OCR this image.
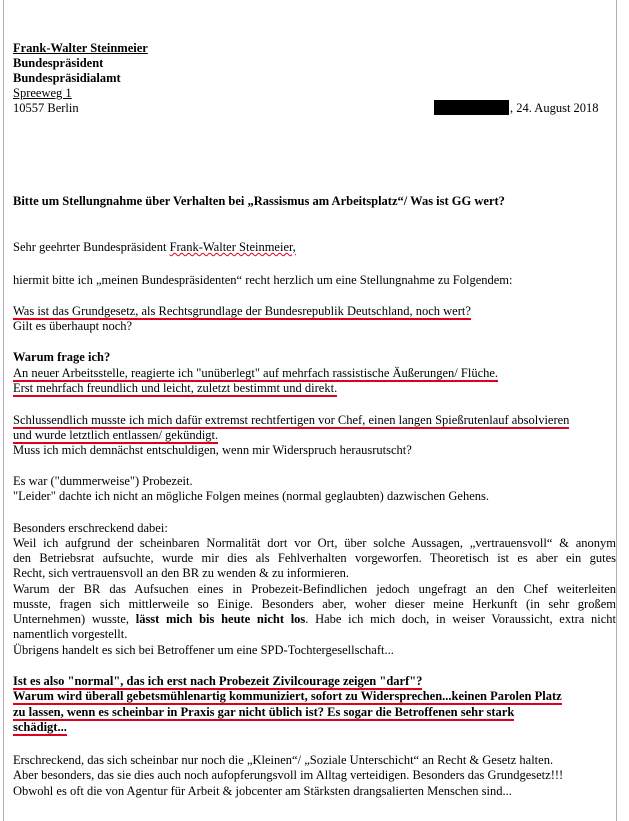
Frank-Walter Steinmeier
Bundespräsident
Bundespräsidialamt
Spreeweg 1
10557 Berlin	, 24. August 2018
Bitte um Stellungnahme über Verhalten bei „Rassismus am Arbeitsplatz“/ Was ist GG wert?
Sehr geehrter Bundespräsident Frank-Walter Steinmeier,
hiermit bitte ich „meinen Bundespräsidenten“ recht herzlich um eine Stellungnahme zu Folgendem:
Was ist das Grundgesetz, als Rechtsgrundlage der Bundesrepublik Deutschland, noch wert?
Gilt es überhaupt noch?
Warum frage ich?
An neuer Arbeitsstelle, reagierte ich "unüberlegt" auf mehrfach rassistische Äußerungen/ Flüche.
Erst mehrfach freundlich und leicht, zuletzt bestimmt und direkt.
Schlussendlich musste ich mich dafür extremst rechtfertigen vor Chef, einen langen Spießrutenlauf absolvieren
und wurde letztlich entlassen/ gekündigt.
Muss ich mich demnächst entschuldigen, wenn mir Widerspruch herausrutscht?
Es war ("dummerweise") Probezeit.
"Leider" dachte ich nicht an mögliche Folgen meines (normal geglaubten) dazwischen Gehens.
Besonders erschreckend dabei:
Weil ich aufgrund der scheinbaren Normalität dort vor Ort, über solche Aussagen, „vertrauensvoll“ & anonym
den Betriebsrat aufsuchte, wurde mir dies als Fehlverhalten vorgeworfen. Theoretisch ist es aber ein gutes
Recht, sich vertrauensvoll an den BR zu wenden & zu informieren.
Warum der BR das Aufsuchen eines in Probezeit-Befindlichen jedoch ungefragt an den Chef weiterleiten
musste, fragen sich mittlerweile so Einige. Besonders aber, woher dieser meine Herkunft (in sehr großem
Unternehmen) wusste, lässt mich bis heute nicht los. Habe ich mich doch, in weiser Voraussicht, extra nicht
namentlich vorgestellt.
Übrigens handelt es sich bei Betroffener um eine SPD-Tochtergesellschaft...
Ist es also "normal", das ich erst nach Probezeit Zivilcourage zeigen "darf"?
Warum wird überall gebetsmühlenartig kommuniziert, sofort zu Widersprechen...keinen Parolen Platz
zu lassen, wenn es scheinbar in Praxis gar nicht üblich ist? Es sogar die Betroffenen sehr stark
schädigt...
Erschreckend, das sich scheinbar nur noch die „Kleinen“/ „Soziale Unterschicht“ an Recht & Gesetz halten.
Aber besonders, das sie dies auch noch aufopferungsvoll im Alltag verteidigen. Besonders das Grundgesetz!!!
Obwohl es oft die von Agentur für Arbeit & jobcenter am Stärksten drangsalierten Menschen sind...
